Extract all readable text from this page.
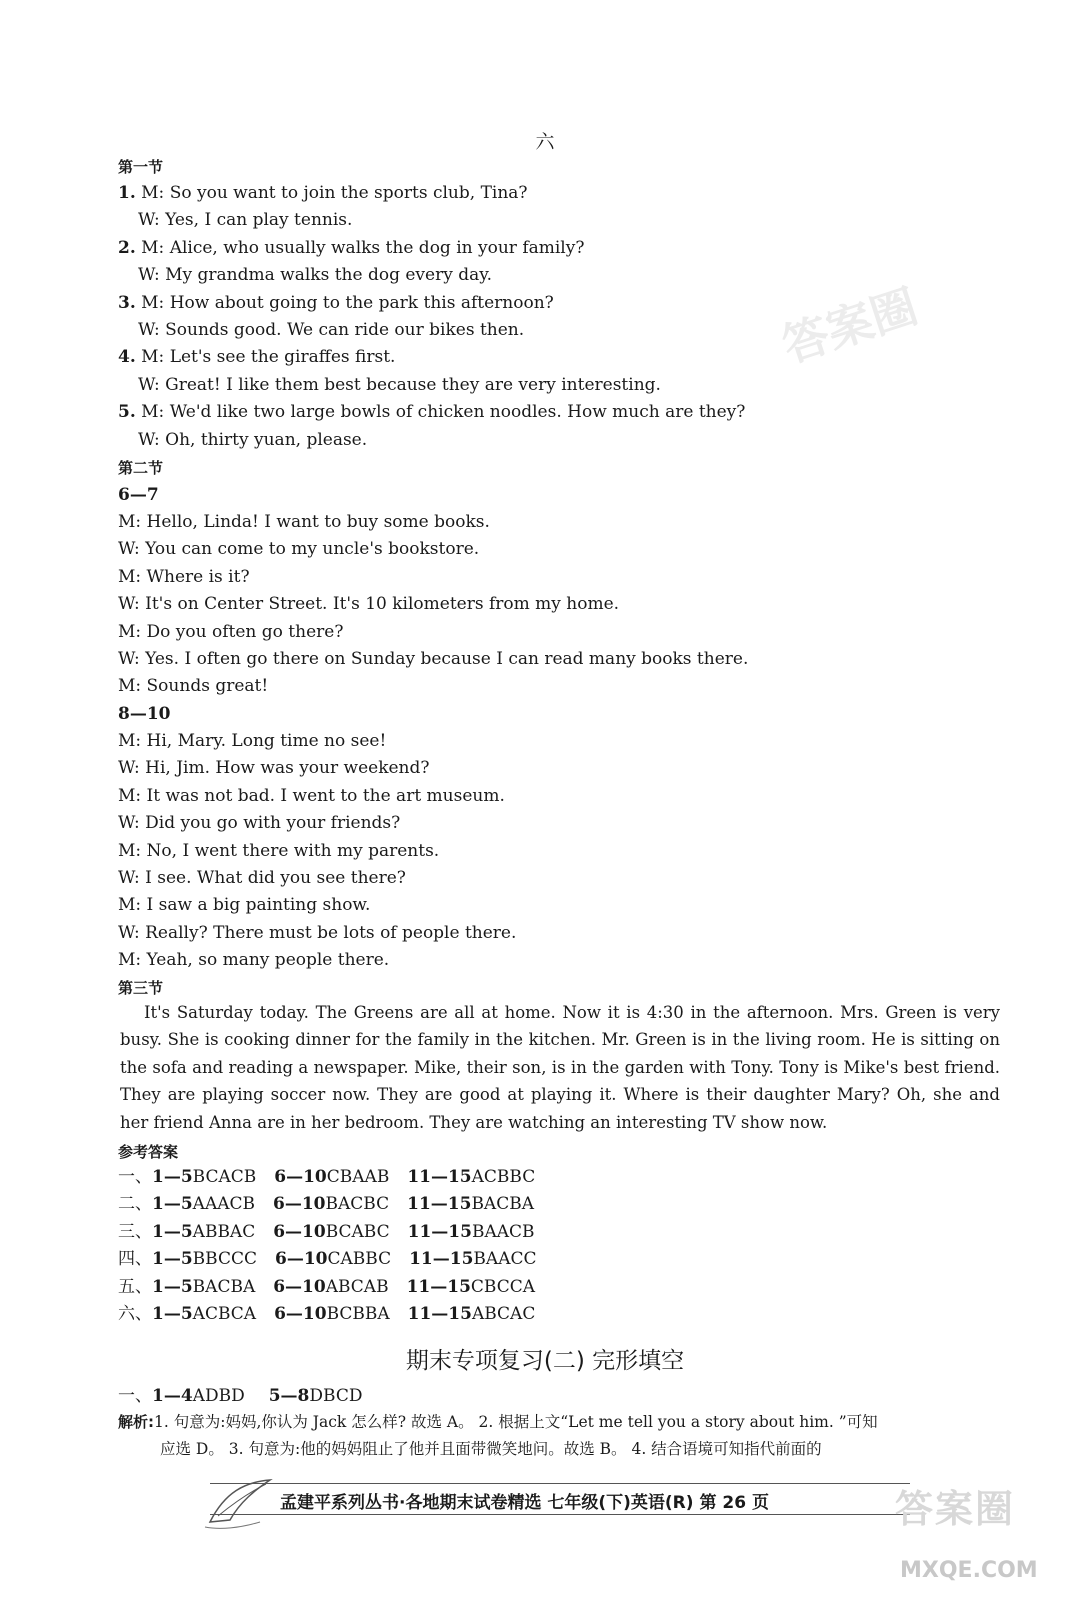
答案圈
六
第一节
1. M: So you want to join the sports club, Tina?
W: Yes, I can play tennis.
2. M: Alice, who usually walks the dog in your family?
W: My grandma walks the dog every day.
3. M: How about going to the park this afternoon?
W: Sounds good. We can ride our bikes then.
4. M: Let's see the giraffes first.
W: Great! I like them best because they are very interesting.
5. M: We'd like two large bowls of chicken noodles. How much are they?
W: Oh, thirty yuan, please.
第二节
6—7
M: Hello, Linda! I want to buy some books.
W: You can come to my uncle's bookstore.
M: Where is it?
W: It's on Center Street. It's 10 kilometers from my home.
M: Do you often go there?
W: Yes. I often go there on Sunday because I can read many books there.
M: Sounds great!
8—10
M: Hi, Mary. Long time no see!
W: Hi, Jim. How was your weekend?
M: It was not bad. I went to the art museum.
W: Did you go with your friends?
M: No, I went there with my parents.
W: I see. What did you see there?
M: I saw a big painting show.
W: Really? There must be lots of people there.
M: Yeah, so many people there.
第三节
It's Saturday today. The Greens are all at home. Now it is 4:30 in the afternoon. Mrs. Green is very busy. She is cooking dinner for the family in the kitchen. Mr. Green is in the living room. He is sitting on the sofa and reading a newspaper. Mike, their son, is in the garden with Tony. Tony is Mike's best friend. They are playing soccer now. They are good at playing it. Where is their daughter Mary? Oh, she and her friend Anna are in her bedroom. They are watching an interesting TV show now.
参考答案
一、1—5BCACB 6—10CBAAB 11—15ACBBC
二、1—5AAACB 6—10BACBC 11—15BACBA
三、1—5ABBAC 6—10BCABC 11—15BAACB
四、1—5BBCCC 6—10CABBC 11—15BAACC
五、1—5BACBA 6—10ABCAB 11—15CBCCA
六、1—5ACBCA 6—10BCBBA 11—15ABCAC
期末专项复习(二) 完形填空
一、1—4ADBD 5—8DBCD
解析:1. 句意为:妈妈,你认为 Jack 怎么样? 故选 A。 2. 根据上文“Let me tell you a story about him. ”可知
应选 D。 3. 句意为:他的妈妈阻止了他并且面带微笑地问。故选 B。 4. 结合语境可知指代前面的
孟建平系列丛书·各地期末试卷精选 七年级(下)英语(R) 第 26 页	答案圈
MXQE.COM
